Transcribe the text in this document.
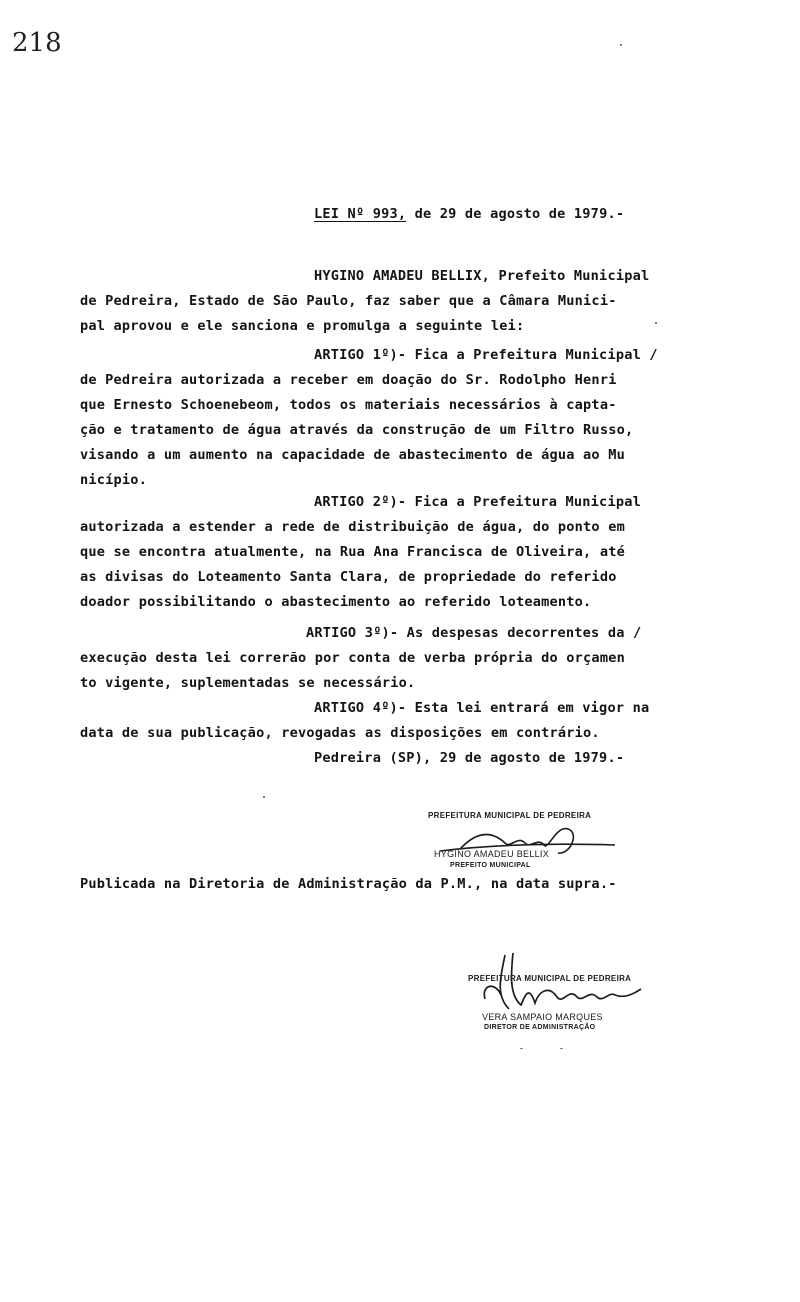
218
LEI Nº 993, de 29 de agosto de 1979.-
HYGINO AMADEU BELLIX, Prefeito Municipal
de Pedreira, Estado de São Paulo, faz saber que a Câmara Munici-
pal aprovou e ele sanciona e promulga a seguinte lei:
ARTIGO 1º)- Fica a Prefeitura Municipal /
de Pedreira autorizada a receber em doação do Sr. Rodolpho Henri
que Ernesto Schoenebeom, todos os materiais necessários à capta-
ção e tratamento de água através da construção de um Filtro Russo,
visando a um aumento na capacidade de abastecimento de água ao Mu
nicípio.
ARTIGO 2º)- Fica a Prefeitura Municipal
autorizada a estender a rede de distribuição de água, do ponto em
que se encontra atualmente, na Rua Ana Francisca de Oliveira, até
as divisas do Loteamento Santa Clara, de propriedade do referido
doador possibilitando o abastecimento ao referido loteamento.
ARTIGO 3º)- As despesas decorrentes da /
execução desta lei correrão por conta de verba própria do orçamen
to vigente, suplementadas se necessário.
ARTIGO 4º)- Esta lei entrará em vigor na
data de sua publicação, revogadas as disposições em contrário.
Pedreira (SP), 29 de agosto de 1979.-
PREFEITURA MUNICIPAL DE PEDREIRA
HYGINO AMADEU BELLIX
PREFEITO MUNICIPAL
Publicada na Diretoria de Administração da P.M., na data supra.-
PREFEITURA MUNICIPAL DE PEDREIRA
VERA SAMPAIO MARQUES
DIRETOR DE ADMINISTRAÇÃO
